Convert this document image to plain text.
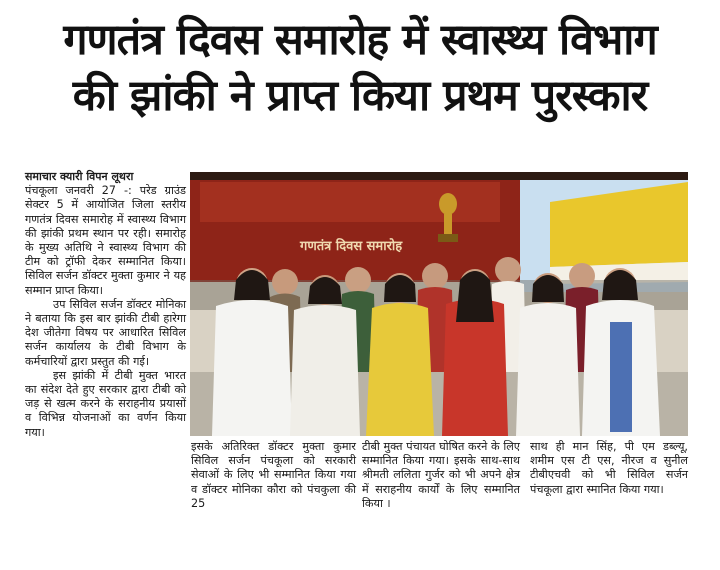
गणतंत्र दिवस समारोह में स्वास्थ्य विभाग
की झांकी ने प्राप्त किया प्रथम पुरस्कार
समाचार क्यारी विपन लूथरा
पंचकूला जनवरी 27 -: परेड ग्राउंड सेक्टर 5 में आयोजित जिला स्तरीय गणतंत्र दिवस समारोह में स्वास्थ्य विभाग की झांकी प्रथम स्थान पर रही। समारोह के मुख्य अतिथि ने स्वास्थ्य विभाग की टीम को ट्रॉफी देकर सम्मानित किया। सिविल सर्जन डॉक्टर मुक्ता कुमार ने यह सम्मान प्राप्त किया।
उप सिविल सर्जन डॉक्टर मोनिका ने बताया कि इस बार झांकी टीबी हारेगा देश जीतेगा विषय पर आधारित सिविल सर्जन कार्यालय के टीबी विभाग के कर्मचारियों द्वारा प्रस्तुत की गई।
इस झांकी में टीबी मुक्त भारत का संदेश देते हुए सरकार द्वारा टीबी को जड़ से खत्म करने के सराहनीय प्रयासों व विभिन्न योजनाओं का वर्णन किया गया।
गणतंत्र दिवस समारोह
इसके अतिरिक्त डॉक्टर मुक्ता कुमार सिविल सर्जन पंचकूला को सरकारी सेवाओं के लिए भी सम्मानित किया गया व डॉक्टर मोनिका कौरा को पंचकुला की 25
टीबी मुक्त पंचायत घोषित करने के लिए सम्मानित किया गया। इसके साथ-साथ श्रीमती ललिता गुर्जर को भी अपने क्षेत्र में सराहनीय कार्यों के लिए सम्मानित किया ।
साथ ही मान सिंह, पी एम डब्ल्यू, शमीम एस टी एस, नीरज व सुनील टीबीएचवी को भी सिविल सर्जन पंचकूला द्वारा स्मानित किया गया।
